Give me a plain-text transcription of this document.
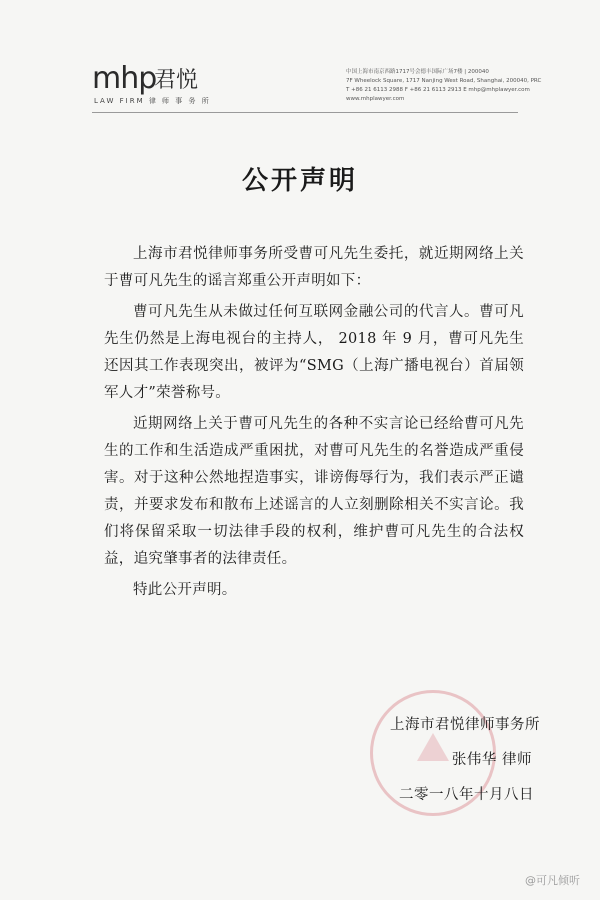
mhp
君悦
LAW FIRM 律 师 事 务 所
中国上海市南京西路1717号会德丰国际广场7楼 | 200040
7F Wheelock Square, 1717 Nanjing West Road, Shanghai, 200040, PRC
T +86 21 6113 2988 F +86 21 6113 2913 E mhp@mhplawyer.com
www.mhplawyer.com
公开声明

上海市君悦律师事务所受曹可凡先生委托，就近期网络上关于曹可凡先生的谣言郑重公开声明如下：

曹可凡先生从未做过任何互联网金融公司的代言人。曹可凡先生仍然是上海电视台的主持人， 2018 年 9 月，曹可凡先生还因其工作表现突出，被评为“SMG（上海广播电视台）首届领军人才”荣誉称号。

近期网络上关于曹可凡先生的各种不实言论已经给曹可凡先生的工作和生活造成严重困扰，对曹可凡先生的名誉造成严重侵害。对于这种公然地捏造事实，诽谤侮辱行为，我们表示严正谴责，并要求发布和散布上述谣言的人立刻删除相关不实言论。我们将保留采取一切法律手段的权利，维护曹可凡先生的合法权益，追究肇事者的法律责任。

特此公开声明。

上海市君悦律师事务所
张伟华 律师
二零一八年十月八日
@可凡倾听
